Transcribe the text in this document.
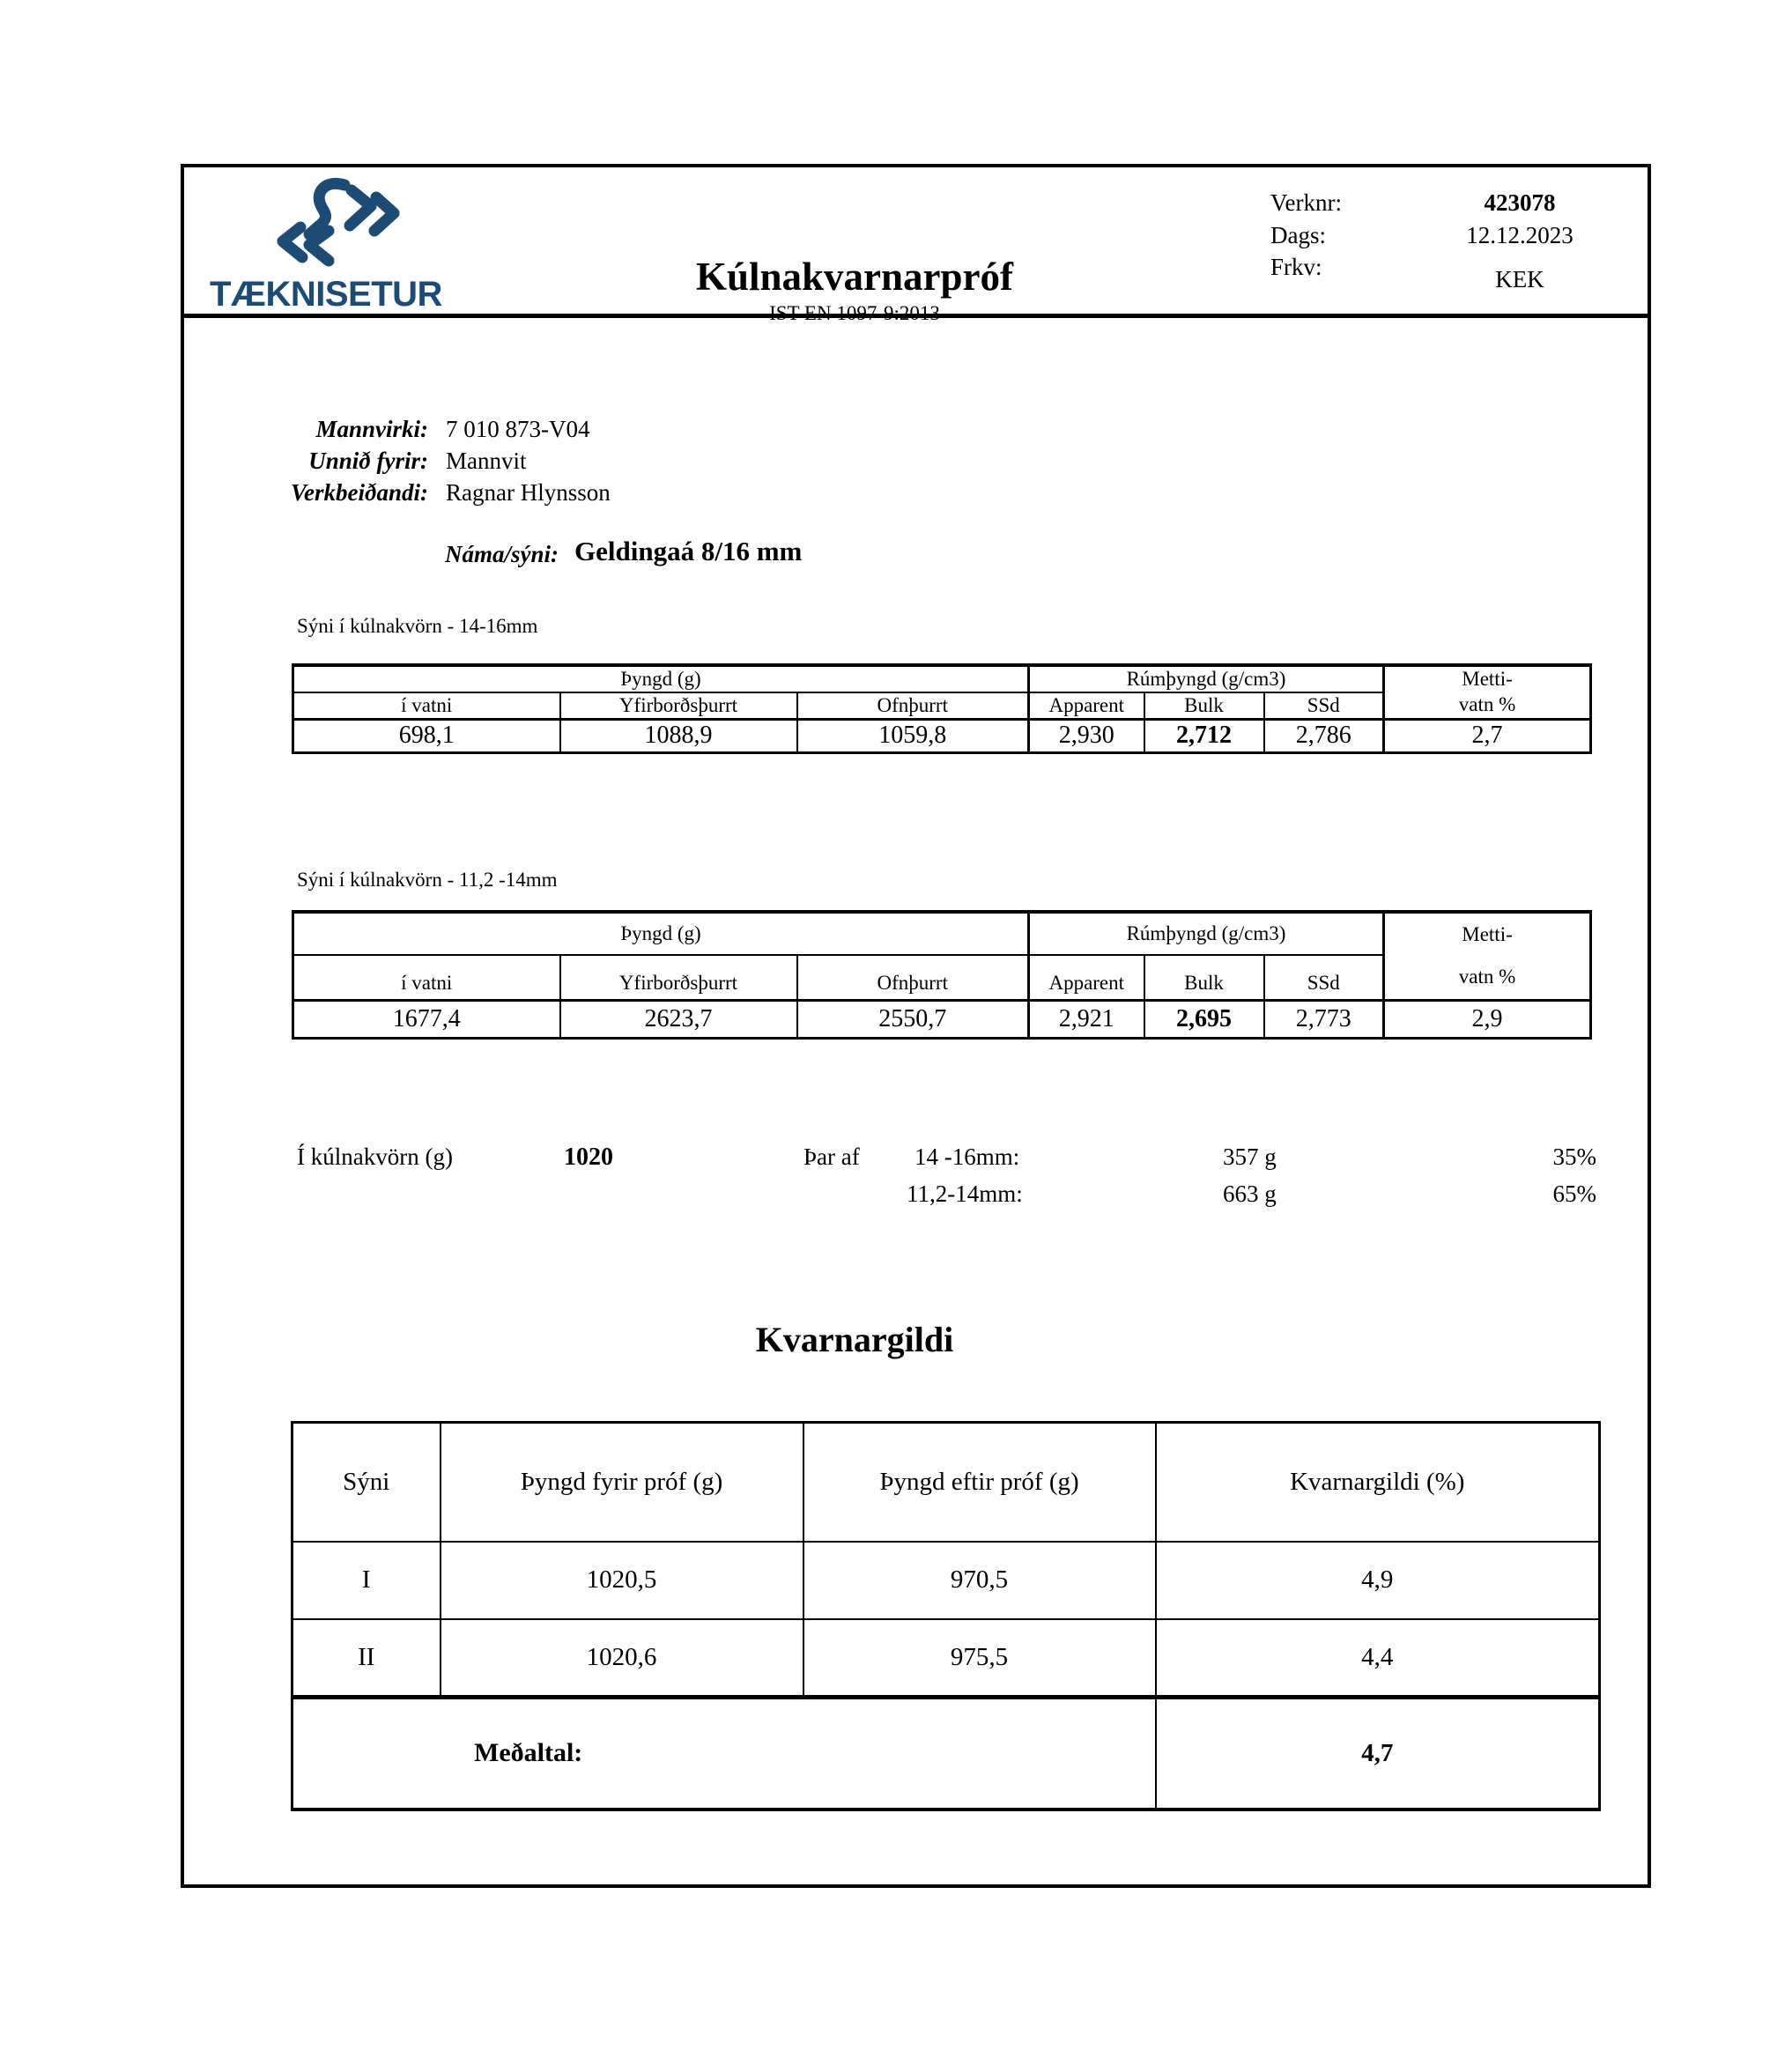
TÆKNISETUR	Kúlnakvarnarpróf
IST EN 1097-9:2013
Verknr:	423078
Dags:	12.12.2023
Frkv:	KEK
Mannvirki: 7 010 873-V04
Unnið fyrir: Mannvit
Verkbeiðandi: Ragnar Hlynsson
Náma/sýni: Geldingaá 8/16 mm
Sýni í kúlnakvörn - 14-16mm
Þyngd (g)			Rúmþyngd (g/cm3)			Metti-
vatn %
í vatni	Yfirborðsþurrt	Ofnþurrt	Apparent	Bulk	SSd	
698,1	1088,9	1059,8	2,930	2,712	2,786	2,7
Sýni í kúlnakvörn - 11,2 -14mm
Þyngd (g)			Rúmþyngd (g/cm3)			Metti-
vatn %
í vatni	Yfirborðsþurrt	Ofnþurrt	Apparent	Bulk	SSd	
1677,4	2623,7	2550,7	2,921	2,695	2,773	2,9
Í kúlnakvörn (g)	1020	Þar af 14 -16mm:	357 g	35%
11,2-14mm:	663 g	65%
Kvarnargildi
Sýni	Þyngd fyrir próf (g)	Þyngd eftir próf (g)	Kvarnargildi (%)
I	1020,5	970,5	4,9
II	1020,6	975,5	4,4
Meðaltal:			4,7
